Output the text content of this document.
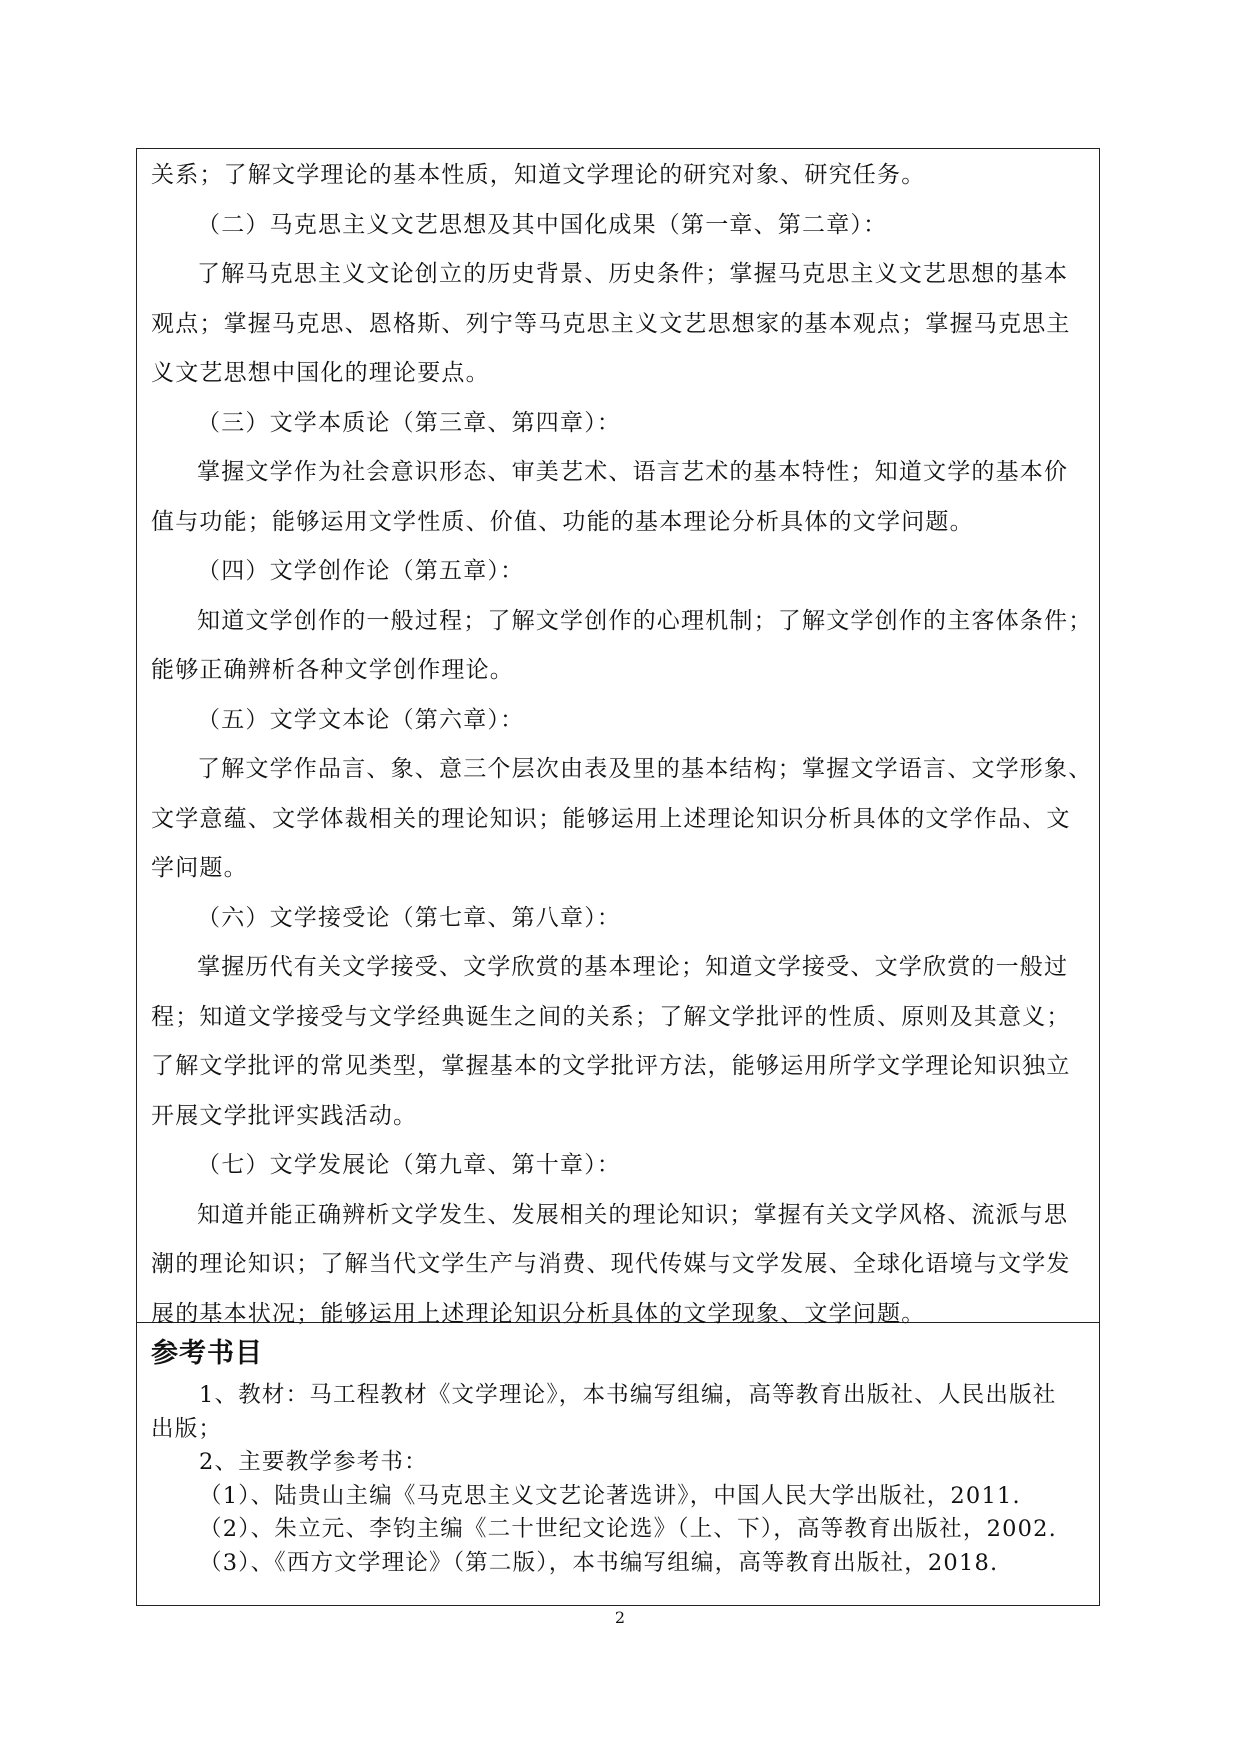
关系；了解文学理论的基本性质，知道文学理论的研究对象、研究任务。
（二）马克思主义文艺思想及其中国化成果（第一章、第二章）：
了解马克思主义文论创立的历史背景、历史条件；掌握马克思主义文艺思想的基本
观点；掌握马克思、恩格斯、列宁等马克思主义文艺思想家的基本观点；掌握马克思主
义文艺思想中国化的理论要点。
（三）文学本质论（第三章、第四章）：
掌握文学作为社会意识形态、审美艺术、语言艺术的基本特性；知道文学的基本价
值与功能；能够运用文学性质、价值、功能的基本理论分析具体的文学问题。
（四）文学创作论（第五章）：
知道文学创作的一般过程；了解文学创作的心理机制；了解文学创作的主客体条件；
能够正确辨析各种文学创作理论。
（五）文学文本论（第六章）：
了解文学作品言、象、意三个层次由表及里的基本结构；掌握文学语言、文学形象、
文学意蕴、文学体裁相关的理论知识；能够运用上述理论知识分析具体的文学作品、文
学问题。
（六）文学接受论（第七章、第八章）：
掌握历代有关文学接受、文学欣赏的基本理论；知道文学接受、文学欣赏的一般过
程；知道文学接受与文学经典诞生之间的关系；了解文学批评的性质、原则及其意义；
了解文学批评的常见类型，掌握基本的文学批评方法，能够运用所学文学理论知识独立
开展文学批评实践活动。
（七）文学发展论（第九章、第十章）：
知道并能正确辨析文学发生、发展相关的理论知识；掌握有关文学风格、流派与思
潮的理论知识；了解当代文学生产与消费、现代传媒与文学发展、全球化语境与文学发
展的基本状况；能够运用上述理论知识分析具体的文学现象、文学问题。
参考书目
1、教材：马工程教材《文学理论》，本书编写组编，高等教育出版社、人民出版社
出版；
2、主要教学参考书：
（1）、陆贵山主编《马克思主义文艺论著选讲》，中国人民大学出版社，2011.
（2）、朱立元、李钧主编《二十世纪文论选》（上、下），高等教育出版社，2002.
（3）、《西方文学理论》（第二版），本书编写组编，高等教育出版社，2018.
2
